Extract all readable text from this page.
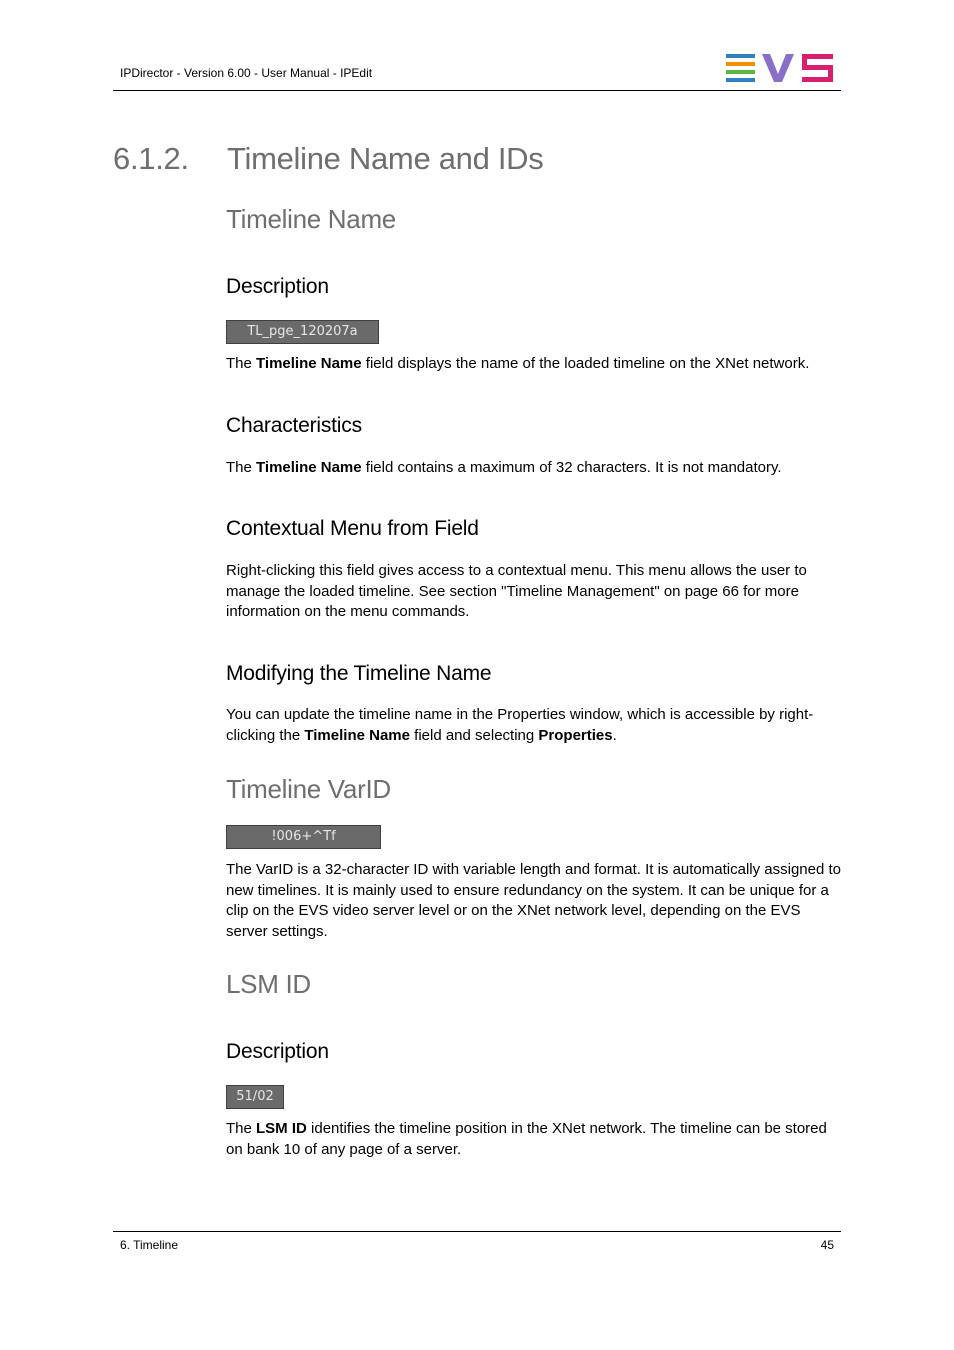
IPDirector - Version 6.00 - User Manual - IPEdit
6.1.2. Timeline Name and IDs
Timeline Name
Description
TL_pge_120207a
The Timeline Name field displays the name of the loaded timeline on the XNet network.
Characteristics
The Timeline Name field contains a maximum of 32 characters. It is not mandatory.
Contextual Menu from Field
Right-clicking this field gives access to a contextual menu. This menu allows the user to manage the loaded timeline. See section "Timeline Management" on page 66 for more information on the menu commands.
Modifying the Timeline Name
You can update the timeline name in the Properties window, which is accessible by right-clicking the Timeline Name field and selecting Properties.
Timeline VarID
!006+^Tf
The VarID is a 32-character ID with variable length and format. It is automatically assigned to new timelines. It is mainly used to ensure redundancy on the system. It can be unique for a clip on the EVS video server level or on the XNet network level, depending on the EVS server settings.
LSM ID
Description
51/02
The LSM ID identifies the timeline position in the XNet network. The timeline can be stored on bank 10 of any page of a server.
6. Timeline	45
